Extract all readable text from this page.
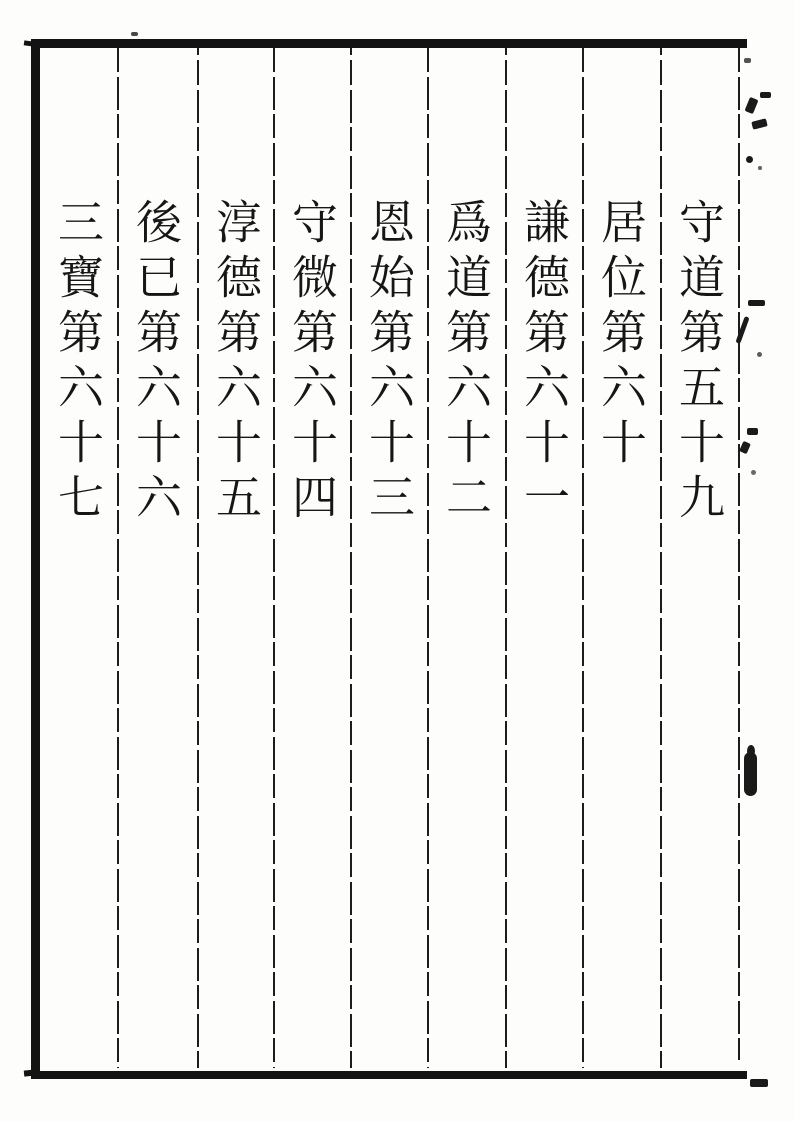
守道第五十九
居位第六十
謙德第六十一
爲道第六十二
恩始第六十三
守微第六十四
淳德第六十五
後已第六十六
三寶第六十七
